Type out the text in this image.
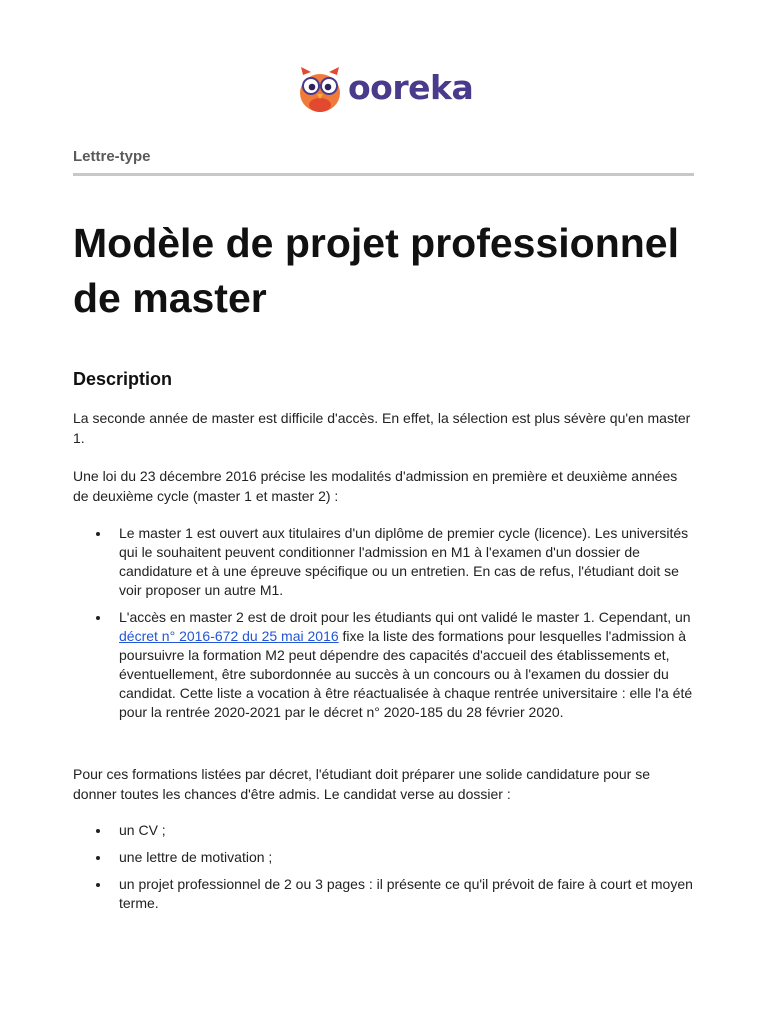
ooreka
Lettre-type
Modèle de projet professionnel de master
Description

La seconde année de master est difficile d'accès. En effet, la sélection est plus sévère qu'en master 1.

Une loi du 23 décembre 2016 précise les modalités d'admission en première et deuxième années de deuxième cycle (master 1 et master 2) :

Le master 1 est ouvert aux titulaires d'un diplôme de premier cycle (licence). Les universités qui le souhaitent peuvent conditionner l'admission en M1 à l'examen d'un dossier de candidature et à une épreuve spécifique ou un entretien. En cas de refus, l'étudiant doit se voir proposer un autre M1.
L'accès en master 2 est de droit pour les étudiants qui ont validé le master 1. Cependant, un décret n° 2016-672 du 25 mai 2016 fixe la liste des formations pour lesquelles l'admission à poursuivre la formation M2 peut dépendre des capacités d'accueil des établissements et, éventuellement, être subordonnée au succès à un concours ou à l'examen du dossier du candidat. Cette liste a vocation à être réactualisée à chaque rentrée universitaire : elle l'a été pour la rentrée 2020-2021 par le décret n° 2020-185 du 28 février 2020.

Pour ces formations listées par décret, l'étudiant doit préparer une solide candidature pour se donner toutes les chances d'être admis. Le candidat verse au dossier :

un CV ;
une lettre de motivation ;
un projet professionnel de 2 ou 3 pages : il présente ce qu'il prévoit de faire à court et moyen terme.
